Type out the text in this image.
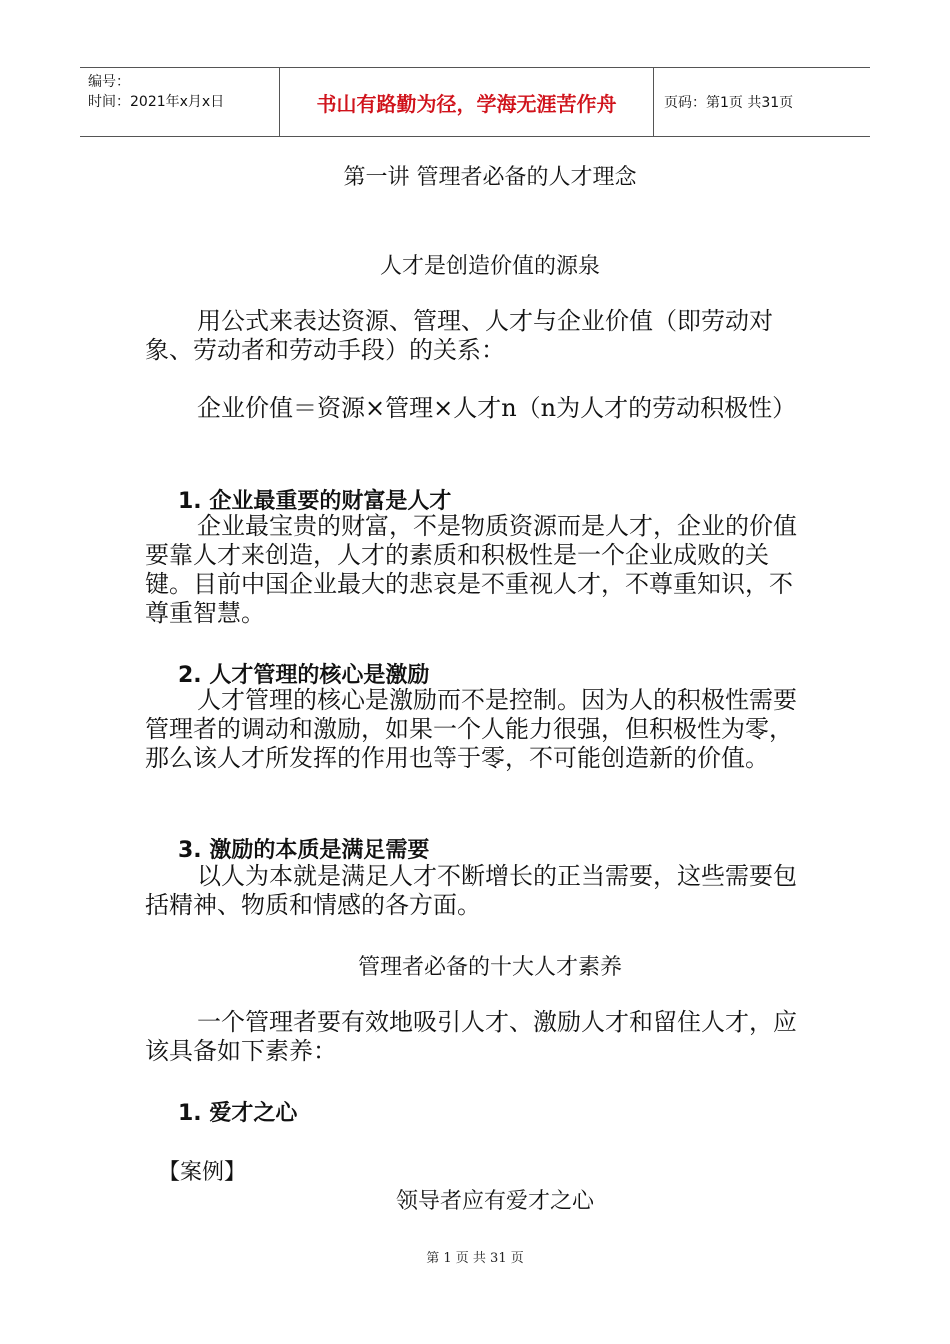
编号：
时间：2021年x月x日	书山有路勤为径，学海无涯苦作舟	页码：第1页 共31页
第一讲 管理者必备的人才理念
人才是创造价值的源泉
用公式来表达资源、管理、人才与企业价值（即劳动对象、劳动者和劳动手段）的关系：
企业价值＝资源×管理×人才n（n为人才的劳动积极性）
1. 企业最重要的财富是人才
企业最宝贵的财富，不是物质资源而是人才，企业的价值要靠人才来创造，人才的素质和积极性是一个企业成败的关键。目前中国企业最大的悲哀是不重视人才，不尊重知识，不尊重智慧。
2. 人才管理的核心是激励
人才管理的核心是激励而不是控制。因为人的积极性需要管理者的调动和激励，如果一个人能力很强，但积极性为零，那么该人才所发挥的作用也等于零，不可能创造新的价值。
3. 激励的本质是满足需要
以人为本就是满足人才不断增长的正当需要，这些需要包括精神、物质和情感的各方面。
管理者必备的十大人才素养
一个管理者要有效地吸引人才、激励人才和留住人才，应该具备如下素养：
1. 爱才之心
【案例】
领导者应有爱才之心
第 1 页 共 31 页
